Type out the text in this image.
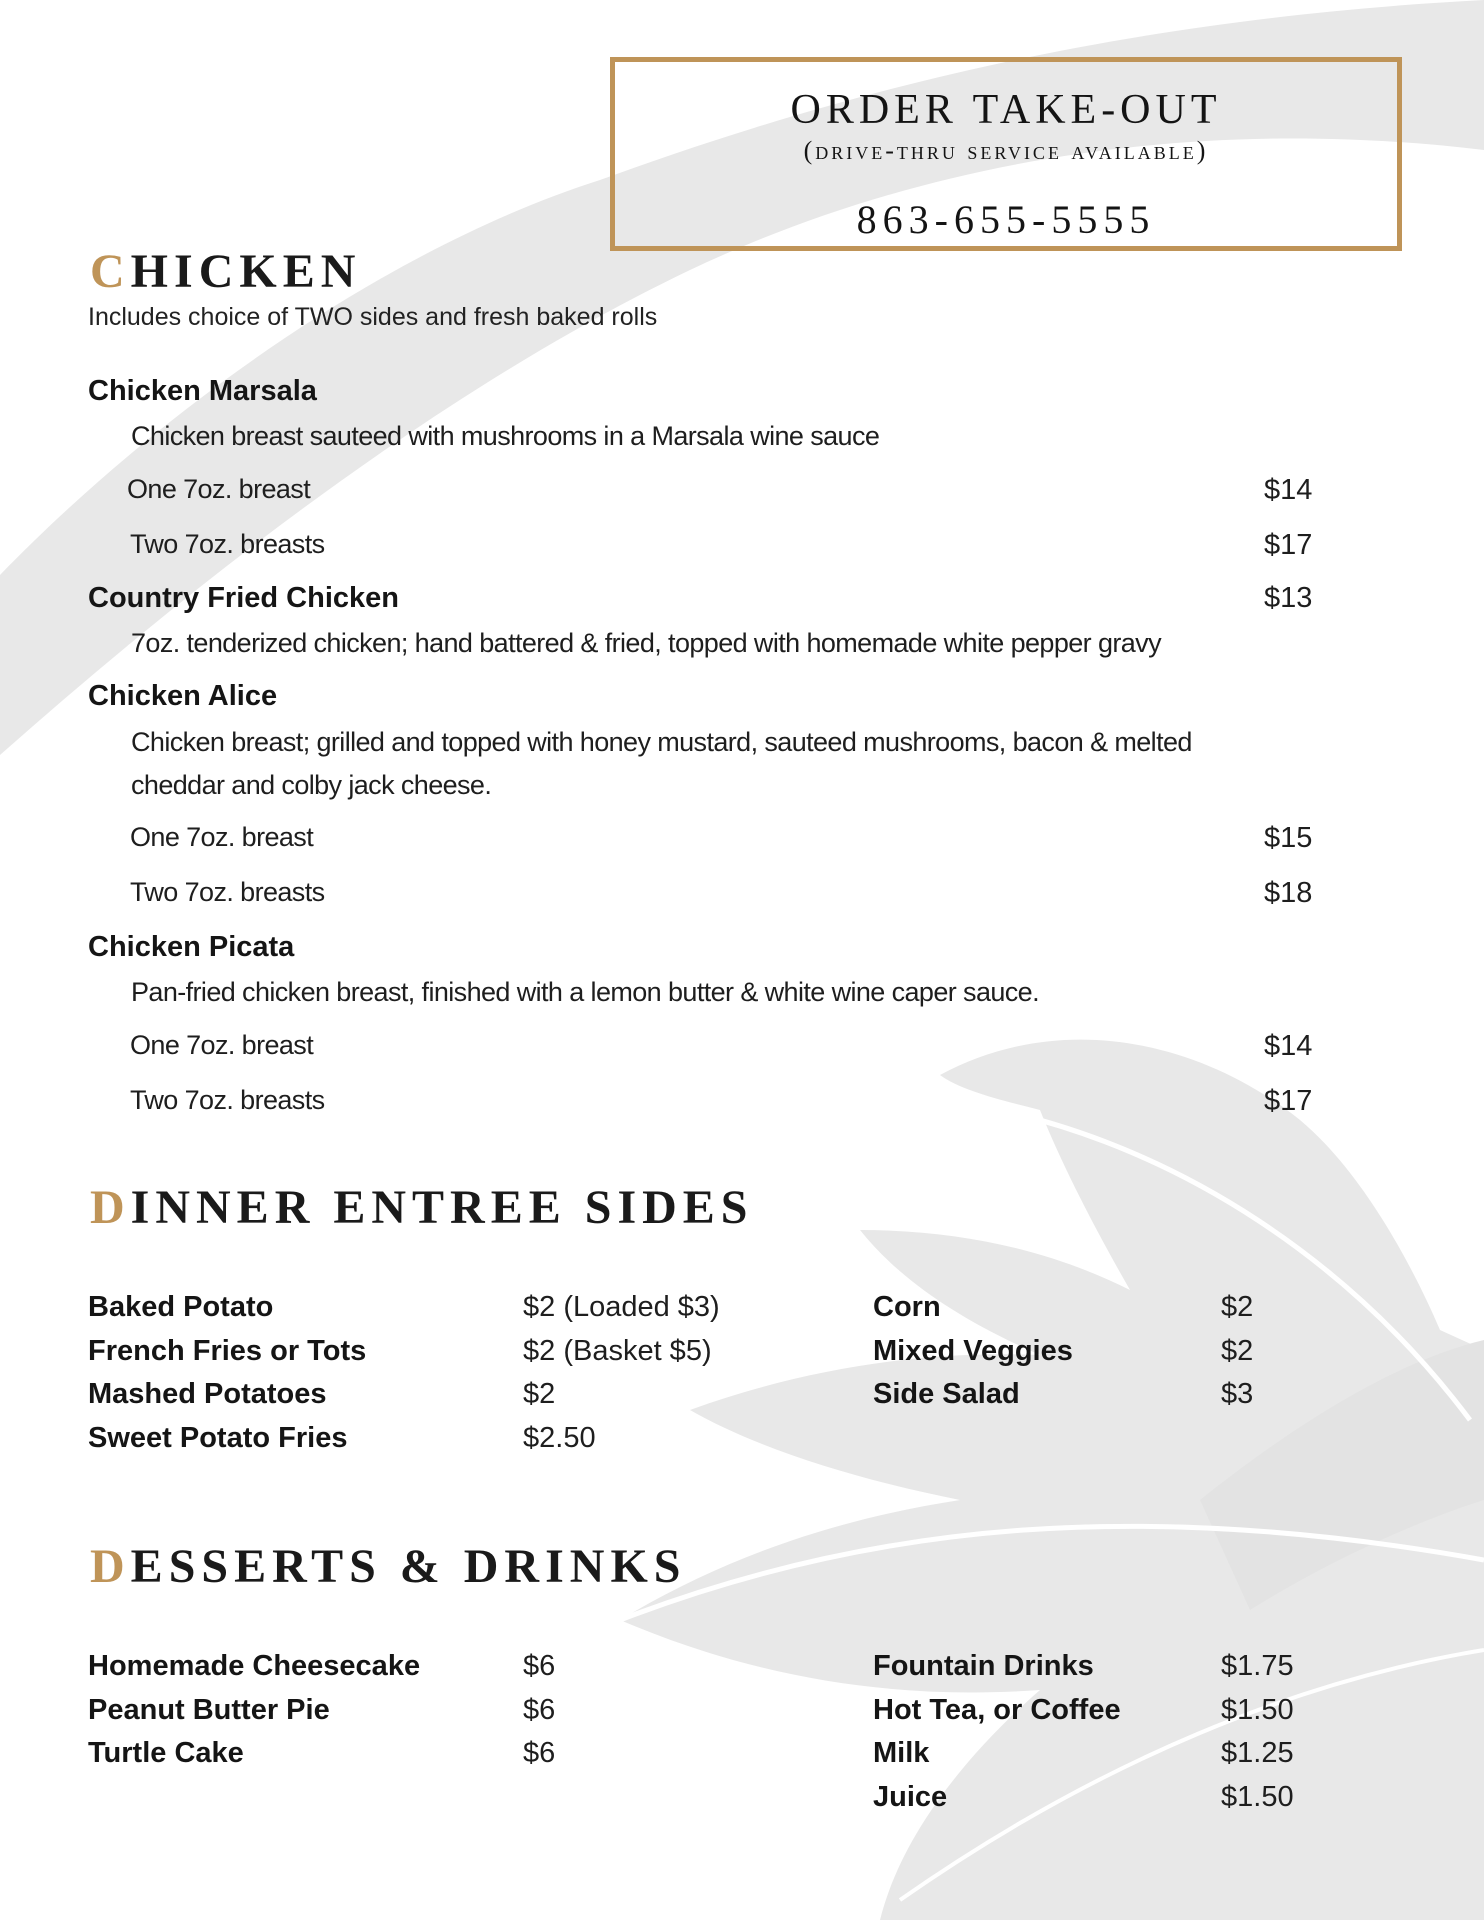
ORDER TAKE-OUT
(drive-thru service available)
863-655-5555
CHICKEN
Includes choice of TWO sides and fresh baked rolls
Chicken Marsala
Chicken breast sauteed with mushrooms in a Marsala wine sauce
One 7oz. breast	$14
Two 7oz. breasts	$17
Country Fried Chicken	$13
7oz. tenderized chicken; hand battered & fried, topped with homemade white pepper gravy
Chicken Alice
Chicken breast; grilled and topped with honey mustard, sauteed mushrooms, bacon & melted cheddar and colby jack cheese.
One 7oz. breast	$15
Two 7oz. breasts	$18
Chicken Picata
Pan-fried chicken breast, finished with a lemon butter & white wine caper sauce.
One 7oz. breast	$14
Two 7oz. breasts	$17
DINNER ENTREE SIDES
Baked Potato	$2 (Loaded $3)
French Fries or Tots	$2 (Basket $5)
Mashed Potatoes	$2
Sweet Potato Fries	$2.50
Corn	$2
Mixed Veggies	$2
Side Salad	$3
DESSERTS & DRINKS
Homemade Cheesecake	$6
Peanut Butter Pie	$6
Turtle Cake	$6
Fountain Drinks	$1.75
Hot Tea, or Coffee	$1.50
Milk	$1.25
Juice	$1.50
